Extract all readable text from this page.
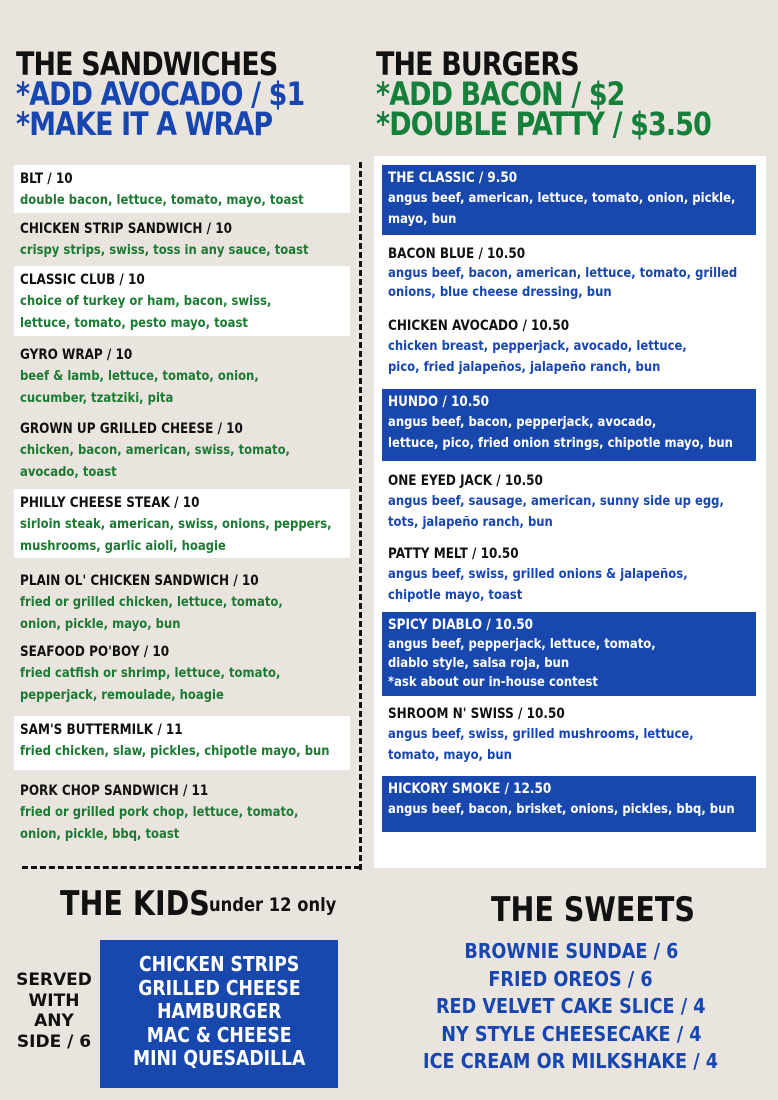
THE SANDWICHES
*ADD AVOCADO / $1
*MAKE IT A WRAP
THE BURGERS
*ADD BACON / $2
*DOUBLE PATTY / $3.50
BLT / 10
double bacon, lettuce, tomato, mayo, toast
CHICKEN STRIP SANDWICH / 10
crispy strips, swiss, toss in any sauce, toast
CLASSIC CLUB / 10
choice of turkey or ham, bacon, swiss,
lettuce, tomato, pesto mayo, toast
GYRO WRAP / 10
beef & lamb, lettuce, tomato, onion,
cucumber, tzatziki, pita
GROWN UP GRILLED CHEESE / 10
chicken, bacon, american, swiss, tomato,
avocado, toast
PHILLY CHEESE STEAK / 10
sirloin steak, american, swiss, onions, peppers,
mushrooms, garlic aioli, hoagie
PLAIN OL' CHICKEN SANDWICH / 10
fried or grilled chicken, lettuce, tomato,
onion, pickle, mayo, bun
SEAFOOD PO'BOY / 10
fried catfish or shrimp, lettuce, tomato,
pepperjack, remoulade, hoagie
SAM'S BUTTERMILK / 11
fried chicken, slaw, pickles, chipotle mayo, bun
PORK CHOP SANDWICH / 11
fried or grilled pork chop, lettuce, tomato,
onion, pickle, bbq, toast
THE CLASSIC / 9.50
angus beef, american, lettuce, tomato, onion, pickle,
mayo, bun
BACON BLUE / 10.50
angus beef, bacon, american, lettuce, tomato, grilled
onions, blue cheese dressing, bun
CHICKEN AVOCADO / 10.50
chicken breast, pepperjack, avocado, lettuce,
pico, fried jalapeños, jalapeño ranch, bun
HUNDO / 10.50
angus beef, bacon, pepperjack, avocado,
lettuce, pico, fried onion strings, chipotle mayo, bun
ONE EYED JACK / 10.50
angus beef, sausage, american, sunny side up egg,
tots, jalapeño ranch, bun
PATTY MELT / 10.50
angus beef, swiss, grilled onions & jalapeños,
chipotle mayo, toast
SPICY DIABLO / 10.50
angus beef, pepperjack, lettuce, tomato,
diablo style, salsa roja, bun
*ask about our in-house contest
SHROOM N' SWISS / 10.50
angus beef, swiss, grilled mushrooms, lettuce,
tomato, mayo, bun
HICKORY SMOKE / 12.50
angus beef, bacon, brisket, onions, pickles, bbq, bun
THE KIDS under 12 only
SERVED
WITH
ANY
SIDE / 6
CHICKEN STRIPS
GRILLED CHEESE
HAMBURGER
MAC & CHEESE
MINI QUESADILLA
THE SWEETS
BROWNIE SUNDAE / 6
FRIED OREOS / 6
RED VELVET CAKE SLICE / 4
NY STYLE CHEESECAKE / 4
ICE CREAM OR MILKSHAKE / 4
